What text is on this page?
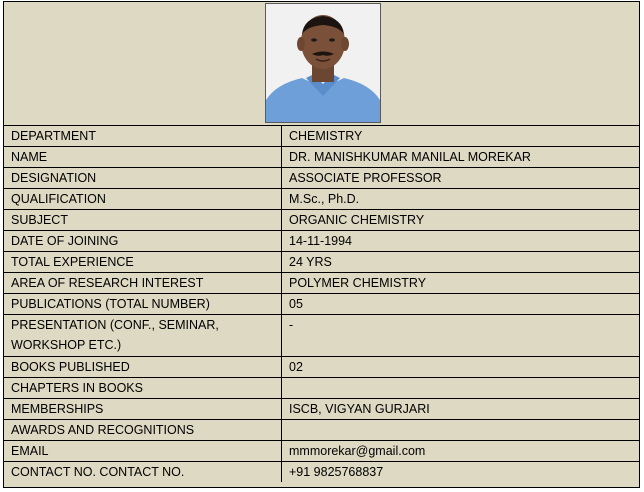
DEPARTMENT	CHEMISTRY
NAME	DR. MANISHKUMAR MANILAL MOREKAR
DESIGNATION	ASSOCIATE PROFESSOR
QUALIFICATION	M.Sc., Ph.D.
SUBJECT	ORGANIC CHEMISTRY
DATE OF JOINING	14-11-1994
TOTAL EXPERIENCE	24 YRS
AREA OF RESEARCH INTEREST	POLYMER CHEMISTRY
PUBLICATIONS (TOTAL NUMBER)	05
PRESENTATION (CONF., SEMINAR, WORKSHOP ETC.)	-
BOOKS PUBLISHED	02
CHAPTERS IN BOOKS	
MEMBERSHIPS	ISCB, VIGYAN GURJARI
AWARDS AND RECOGNITIONS	
EMAIL	mmmorekar@gmail.com
CONTACT NO. CONTACT NO.	+91 9825768837
